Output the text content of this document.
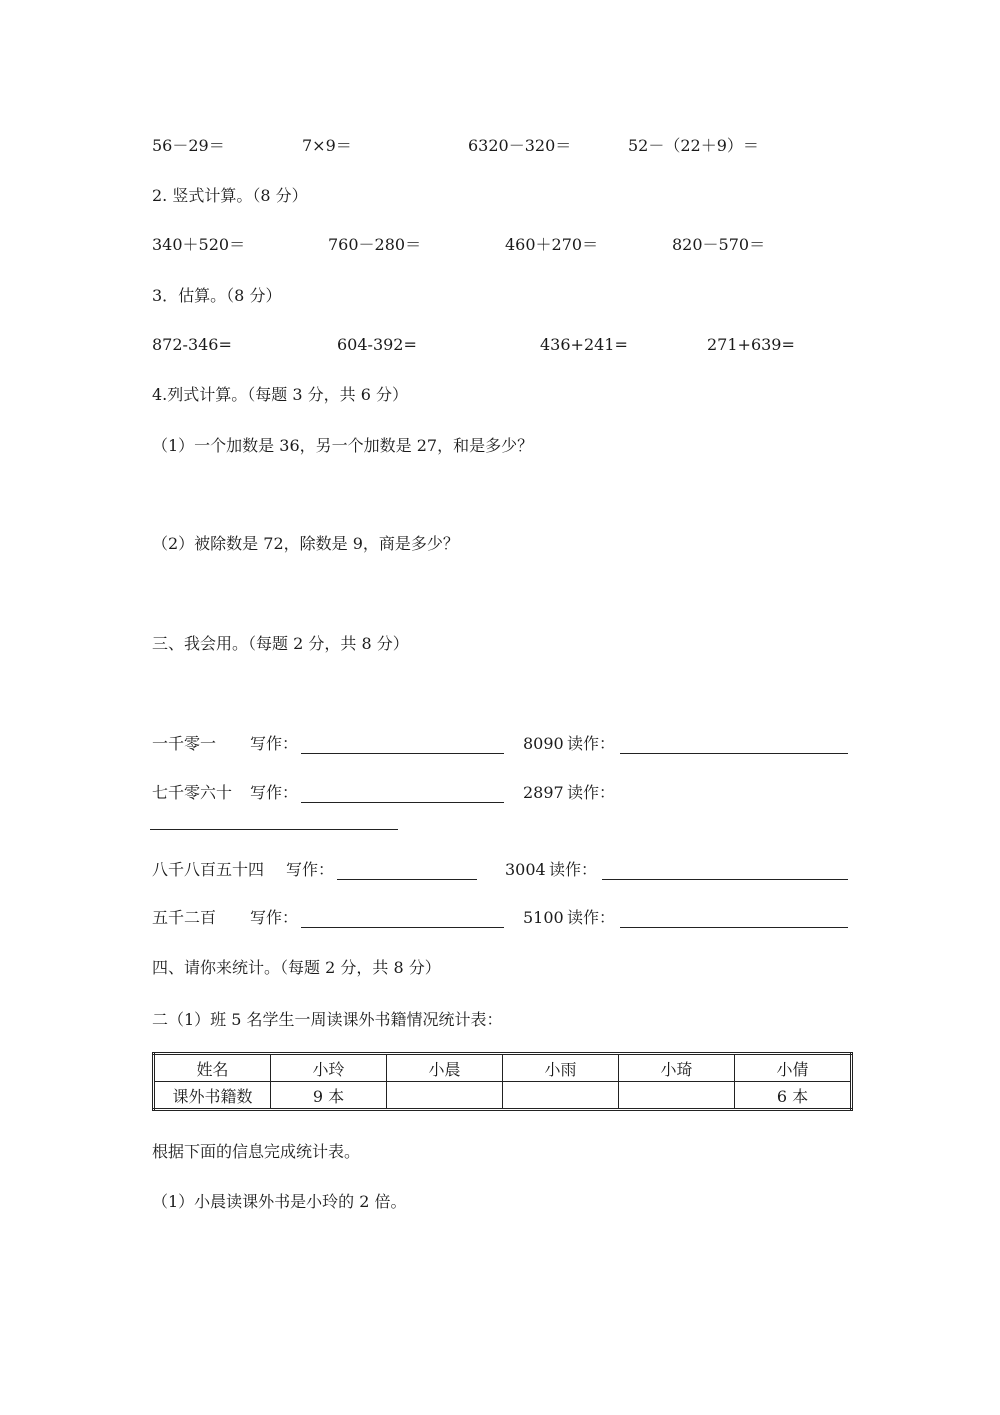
56－29＝	7×9＝	6320－320＝	52－（22＋9）＝
2. 竖式计算。（8 分）
340＋520＝	760－280＝	460＋270＝	820－570＝
3．估算。（8 分）
872-346=	604-392=	436+241=	271+639=
4.列式计算。（每题 3 分，共 6 分）
（1）一个加数是 36，另一个加数是 27，和是多少？
（2）被除数是 72，除数是 9，商是多少？
三、我会用。（每题 2 分，共 8 分）
一千零一 写作：	8090 读作：
七千零六十 写作：	2897 读作：
八千八百五十四 写作：	3004 读作：
五千二百 写作：	5100 读作：
四、请你来统计。（每题 2 分，共 8 分）
二（1）班 5 名学生一周读课外书籍情况统计表：
姓名	小玲	小晨	小雨	小琦	小倩
课外书籍数	9 本				6 本
根据下面的信息完成统计表。
（1）小晨读课外书是小玲的 2 倍。
